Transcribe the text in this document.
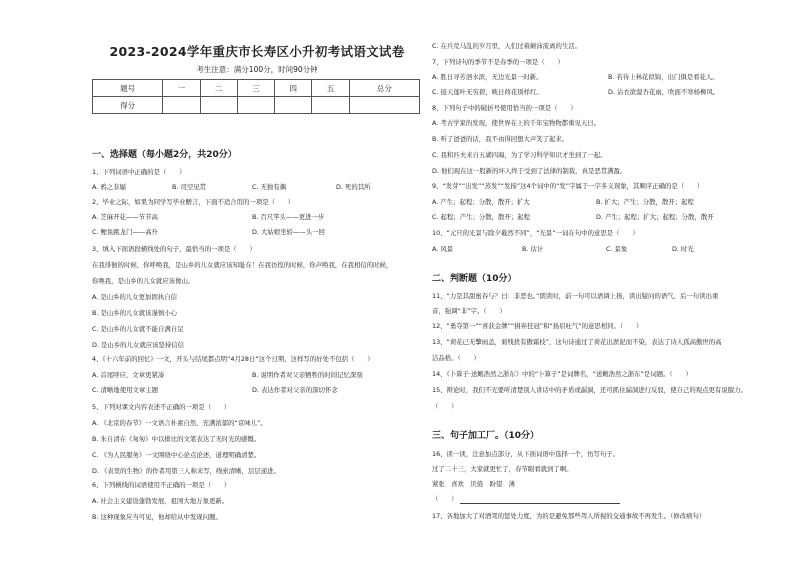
2023-2024学年重庆市长寿区小升初考试语文试卷
考生注意：满分100分，时间90分钟
题号	一	二	三	四	五	总分
得分						
一、选择题（每小题2分，共20分）
1、下列词语中正确的是（　　）
A. 鸦之非辐	B. 司空见贯	C. 无独有偶	D. 死的其所
2、毕业之际，如果为同学写毕业赠言，下面不适合用的一项是（　　）
A. 芝麻开花——节节高	B. 百尺竿头——更进一步
C. 鲤鱼跳龙门——高升	D. 大姑娘坐轿——头一回
3、填入下面语段横线处的句子，最恰当的一项是（　　）
在我徘徊的时候，你呼唤我，是山乡的儿女就应该知耻在！在我彷徨的时候，你声唤我，在我相信的时候，
你唤我，是山乡的儿女就应该像山。
A. 是山乡的儿女更加固执自信
B. 是山乡的儿女就该谨慎小心
C. 是山乡的儿女就不能自满自足
D. 是山乡的儿女就应该坚持信信
4、《十六年前的回忆》一文，开头与结尾都点明“4月28日”这个日期，这样写的好处不包括（　　）
A. 首尾呼应，文章更紧凑	B. 说明作者对父亲牺牲的时间记忆深刻
C. 清晰地使用文章主题	D. 表达作者对父亲的深切怀念
5、下列对课文内容表述不正确的一项是（　　）
A. 《北京的春节》一文语言朴素自然，充满浓郁的“京味儿”。
B. 朱自清在《匆匆》中以排比的文笔表达了无时光的感慨。
C. 《为人民服务》一文围绕中心论点论述，道理明确清楚。
D. 《表里的生物》的作者用第三人称来写，线索清晰，层层递进。
6、下列横线的词语使用不正确的一项是（　　）
A. 社会主义建设蓬勃发展，祖国大地万象更新。
B. 这种现象应当可见，他却给从中发现问题。
C. 在兵荒马乱的岁月里，人们过着颠沛流离的生活。
7、下列诗句的季节不是春季的一项是（　　）
A. 胜日寻芳泗水滨，无边光景一时新。	B. 若待上林花似锦，出门俱是看花人。
C. 接天莲叶无穷碧，映日荷花别样红。	D. 沾衣欲湿杏花雨，吹面不寒杨柳风。
8、下列句子中的破折号使用恰当的一项是（　　）
A. 考古学家的发现，使世界在上的千年宝物物都重见天日。
B. 听了爸爸的话，我不由得回想大声笑了起来。
C. 我和匹夫来自五湖四海，为了学习科学知识才坐到了一起。
D. 他们现在这一股新的坏人终于受到了法律的制裁，真是恶贯满盈。
9、“发芽”“出发”“蒸发”“发扬”这4个词中的“发”字属于一字多义现象，其顺序正确的是（　　）
A. 产生；起程；分散，散开；扩大	B. 扩大；产生；分散，散开；起程
C. 起程；产生；分散，散开；起程	D. 产生；起程；扩大；起程；分散，散开
10、“元旦的光景与除夕截然不同”，“光景”一词在句中的意思是（　　）
A. 风景	B. 估计	C. 景象	D. 时光
二、判断题（10分）
11、“力是其甜蜜春与？曰：非恶也。”朗读时，前一句可以语调上扬，读出疑问的语气，后一句读出重
音，强调“非”字。（　　）
12、“勇夺第一”“喜获金牌”“捐弃狂冠”和“扬眉吐气”的意思相同。（　　）
13、“荷花已无擎雨盖，菊残犹有傲霜枝”，这句诗通过了荷花出淤泥而不染，表达了诗人孤高傲世的高
洁品格。（　　）
14、《卜算子·送鲍浩然之浙东》中的“卜算子”是词牌名，“送鲍浩然之浙东”是词题。（　　）
15、辩论时，我们不光要听清楚别人讲话中的矛盾或漏洞，还可抓住漏洞进行反驳，使自己的观点更有说服力。
（　　）
三、句子加工厂。（10分）
16、读一读，注意加点部分，从下面词语中选择一个，仿写句子。
过了二十三，大家就更忙了，春节眼看就到了啊。
紧张　喜欢　厌倦　盼望　薄
（　　）
17、各地加大了对酒驾的惩处力度，为的是避免那些驾人所视的交通事故不再发生。（修改病句）
